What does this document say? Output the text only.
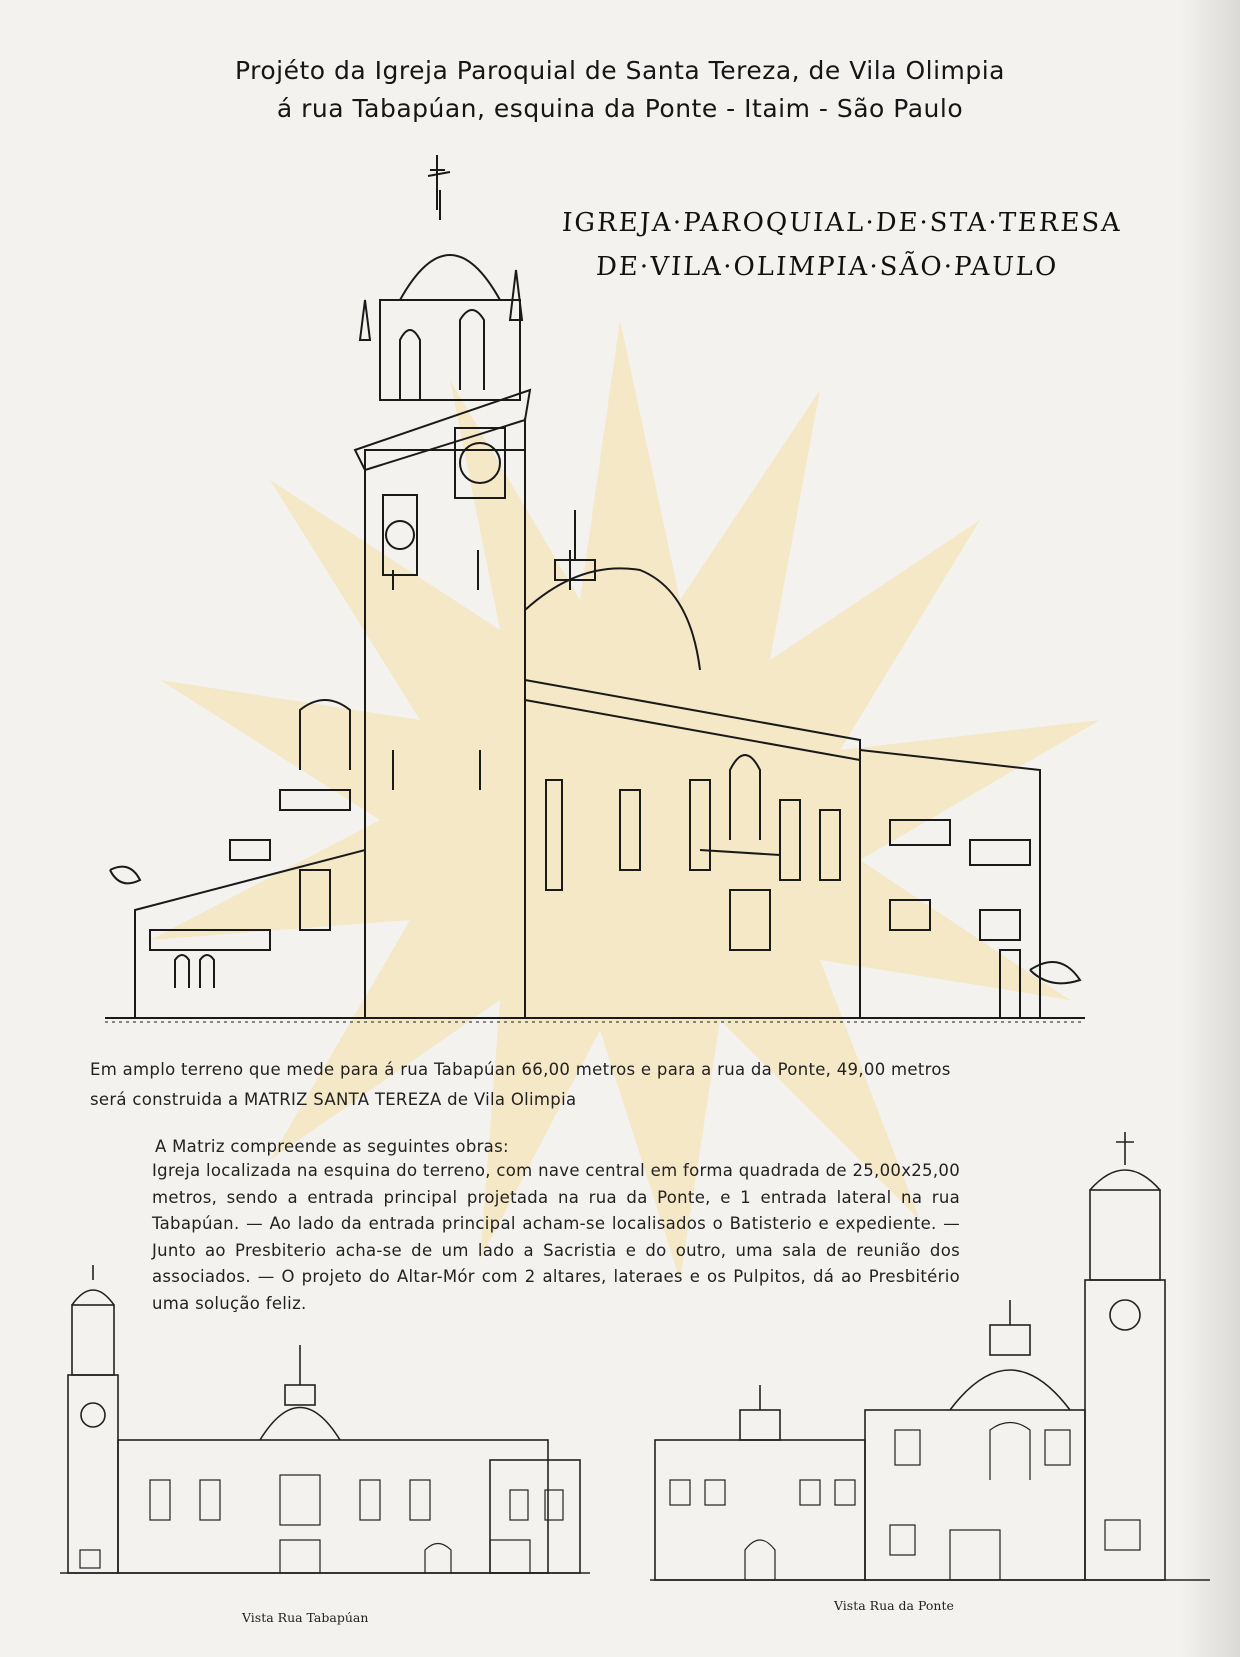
Projéto da Igreja Paroquial de Santa Tereza, de Vila Olimpia
á rua Tabapúan, esquina da Ponte - Itaim - São Paulo
IGREJA·PAROQUIAL·DE·STA·TERESA
DE·VILA·OLIMPIA·SÃO·PAULO
Em amplo terreno que mede para á rua Tabapúan 66,00 metros e para a rua da Ponte, 49,00 metros
será construida a MATRIZ SANTA TEREZA de Vila Olimpia
A Matriz compreende as seguintes obras:
Igreja localizada na esquina do terreno, com nave central em forma quadrada de 25,00x25,00 metros, sendo a entrada principal projetada na rua da Ponte, e 1 entrada lateral na rua Tabapúan. — Ao lado da entrada principal acham-se localisados o Batisterio e expediente. — Junto ao Presbiterio acha-se de um lado a Sacristia e do outro, uma sala de reunião dos associados. — O projeto do Altar-Mór com 2 altares, lateraes e os Pulpitos, dá ao Presbitério uma solução feliz.
Vista Rua Tabapúan
Vista Rua da Ponte
